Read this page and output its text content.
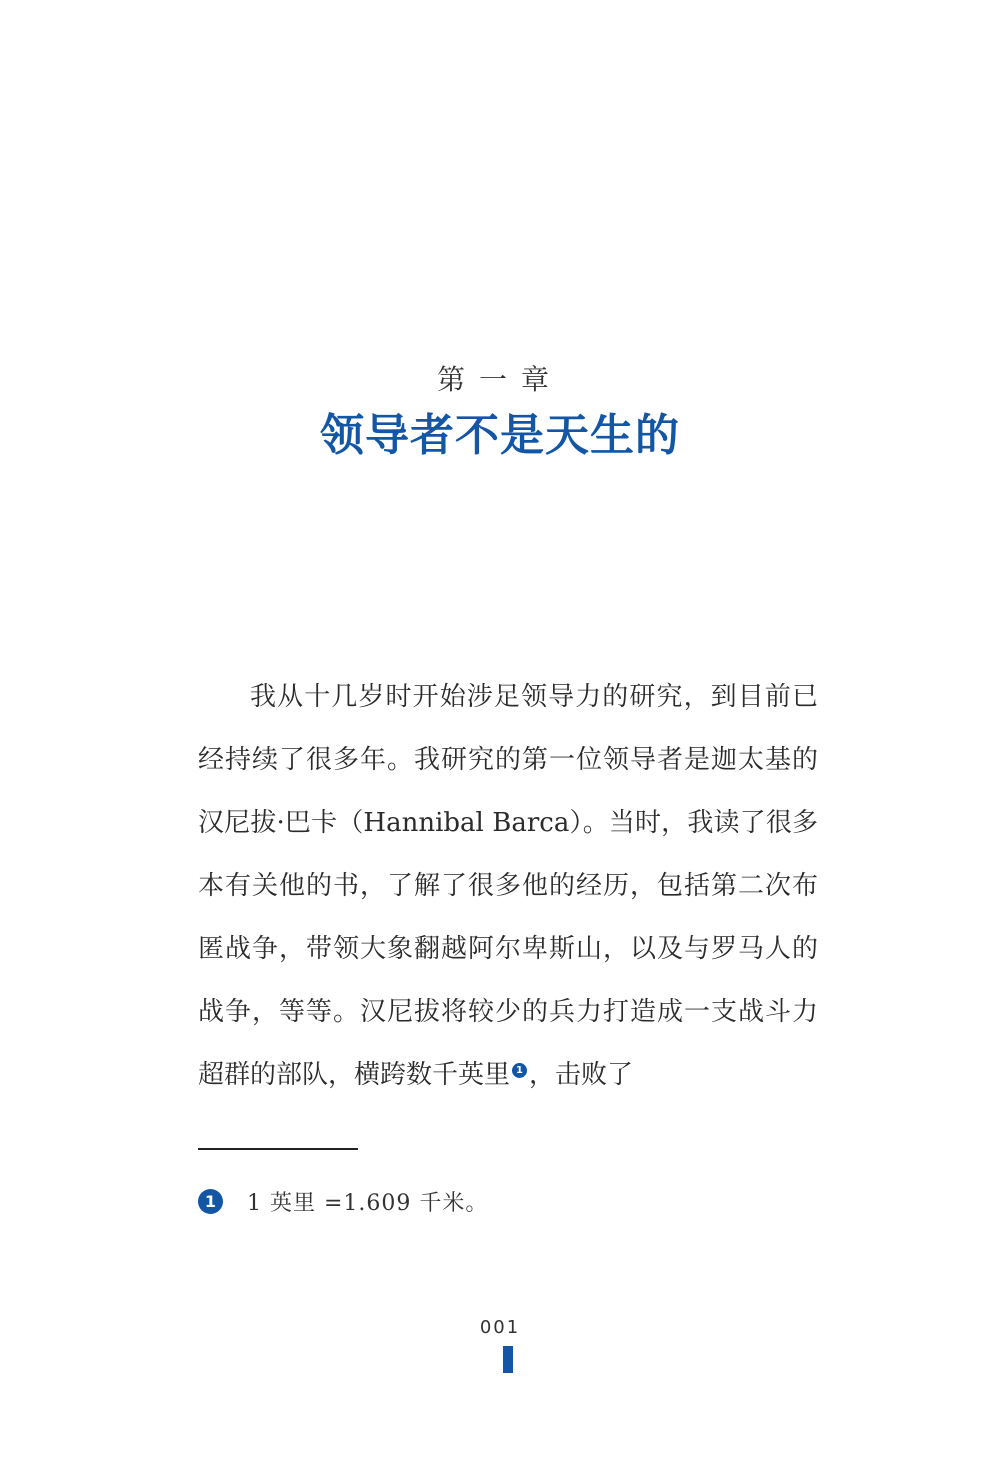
第一章
领导者不是天生的

我从十几岁时开始涉足领导力的研究，到目前已经持续了很多年。我研究的第一位领导者是迦太基的汉尼拔·巴卡（Hannibal Barca）。当时，我读了很多本有关他的书，了解了很多他的经历，包括第二次布匿战争，带领大象翻越阿尔卑斯山，以及与罗马人的战争，等等。汉尼拔将较少的兵力打造成一支战斗力超群的部队，横跨数千英里 1 ，击败了

1	1 英里 =1.609 千米。
001
